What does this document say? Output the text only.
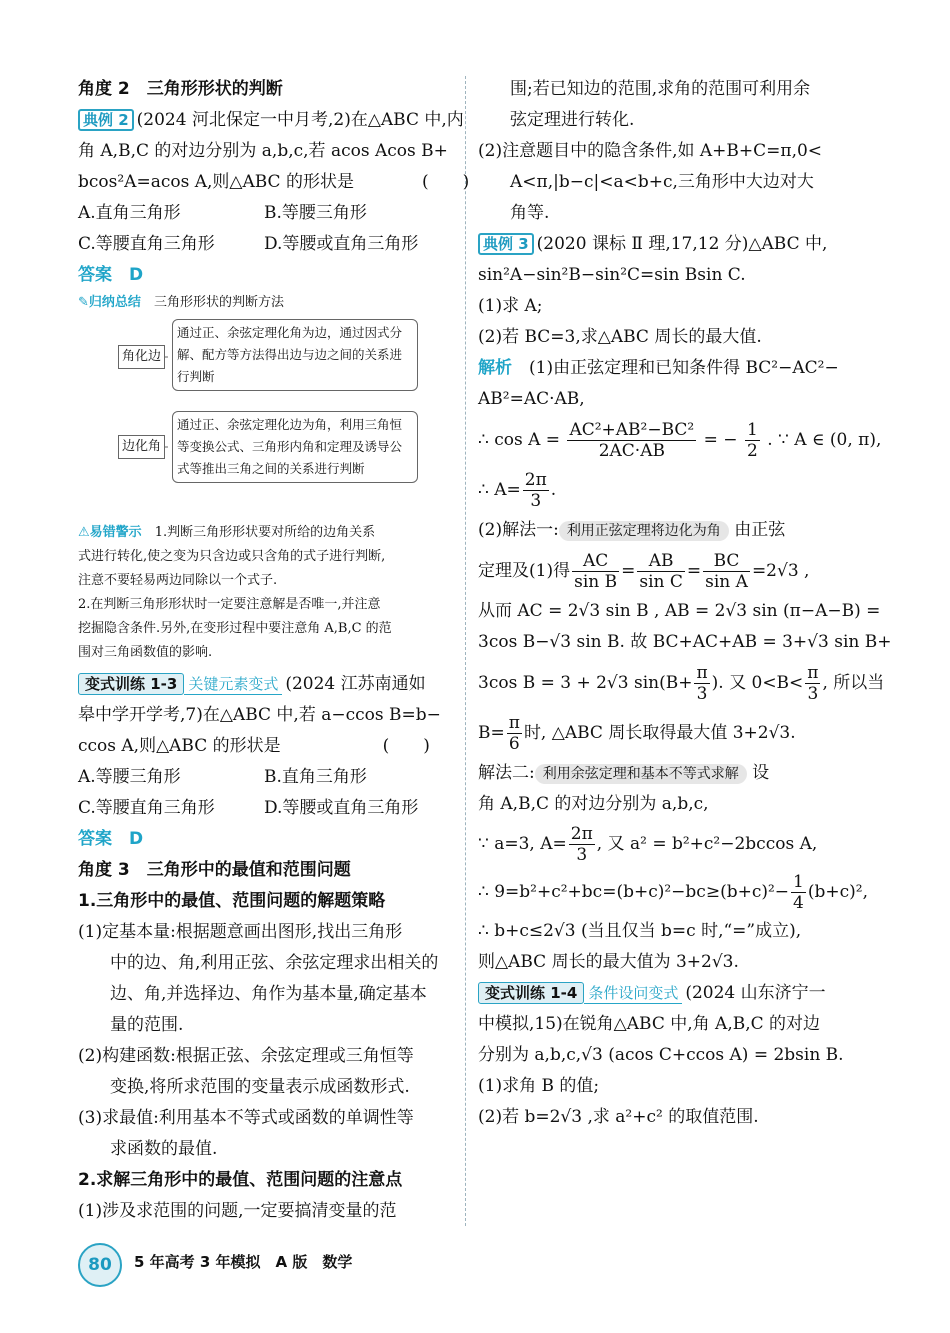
角度 2　三角形形状的判断
典例 2 (2024 河北保定一中月考,2)在△ABC 中,内
角 A,B,C 的对边分别为 a,b,c,若 acos Acos B+
bcos²A=acos A,则△ABC 的形状是　　　　(　　)
A.直角三角形	B.等腰三角形
C.等腰直角三角形	D.等腰或直角三角形
答案　D
✎归纳总结　 三角形形状的判断方法
角化边
通过正、余弦定理化角为边，通过因式分解、配方等方法得出边与边之间的关系进行判断
边化角
通过正、余弦定理化边为角，利用三角恒等变换公式、三角形内角和定理及诱导公式等推出三角之间的关系进行判断
⚠易错警示　 1.判断三角形形状要对所给的边角关系
式进行转化,使之变为只含边或只含角的式子进行判断,
注意不要轻易两边同除以一个式子.
2.在判断三角形形状时一定要注意解是否唯一,并注意
挖掘隐含条件.另外,在变形过程中要注意角 A,B,C 的范
围对三角函数值的影响.
变式训练 1-3 关键元素变式 (2024 江苏南通如
皋中学开学考,7)在△ABC 中,若 a−ccos B=b−
ccos A,则△ABC 的形状是　　　　　　(　　)
A.等腰三角形	B.直角三角形
C.等腰直角三角形	D.等腰或直角三角形
答案　D
角度 3　三角形中的最值和范围问题
1.三角形中的最值、范围问题的解题策略
(1)定基本量:根据题意画出图形,找出三角形
中的边、角,利用正弦、余弦定理求出相关的
边、角,并选择边、角作为基本量,确定基本
量的范围.
(2)构建函数:根据正弦、余弦定理或三角恒等
变换,将所求范围的变量表示成函数形式.
(3)求最值:利用基本不等式或函数的单调性等
求函数的最值.
2.求解三角形中的最值、范围问题的注意点
(1)涉及求范围的问题,一定要搞清变量的范
围;若已知边的范围,求角的范围可利用余
弦定理进行转化.
(2)注意题目中的隐含条件,如 A+B+C=π,0<
A<π,|b−c|<a<b+c,三角形中大边对大
角等.
典例 3 (2020 课标 Ⅱ 理,17,12 分)△ABC 中,
sin²A−sin²B−sin²C=sin Bsin C.
(1)求 A;
(2)若 BC=3,求△ABC 周长的最大值.
解析　 (1)由正弦定理和已知条件得 BC²−AC²−
AB²=AC·AB,
∴ $\cos A = \frac{\text{AC²+AB²−BC²}}{2AC\cdot AB}$ = − $\frac{1}{2}$ . ∵ A ∈ (0, π),
∴ $A= \frac{2\pi}{3}$ .
(2)解法一: 利用正弦定理将边化为角 由正弦
定理及(1)得 $\frac{AC}{\text{sin B}} = \frac{AB}{\text{sin C}} = \frac{BC}{\text{sin A}} =2√3$ ,
从而 AC = 2√3 sin B , AB = 2√3 sin (π−A−B) =
3cos B−√3 sin B. 故 BC+AC+AB = 3+√3 sin B+
3cos B = 3 + 2√3 $\sin(B+ \frac{\pi}{3}$ ). 又 $0<B< \frac{\pi}{3}$ , 所以当
$B= \frac{\pi}{6}$ 时, △ABC 周长取得最大值 3+2√3.
解法二: 利用余弦定理和基本不等式求解 设
角 A,B,C 的对边分别为 a,b,c,
∵ a=3, $A= \frac{2\pi}{3}$ , 又 a² = b²+c²−2bccos A,
∴ $9=b^2+c^2+bc=(b+c)^2-bc\ge(b+c)^2- \frac{1}{4} (b+c)^2$,
∴ b+c≤2√3 (当且仅当 b=c 时,“=”成立),
则△ABC 周长的最大值为 3+2√3.
变式训练 1-4 条件设问变式 (2024 山东济宁一
中模拟,15)在锐角△ABC 中,角 A,B,C 的对边
分别为 a,b,c,√3 (acos C+ccos A) = 2bsin B.
(1)求角 B 的值;
(2)若 b=2√3 ,求 a²+c² 的取值范围.
80	5 年高考 3 年模拟　A 版　数学
